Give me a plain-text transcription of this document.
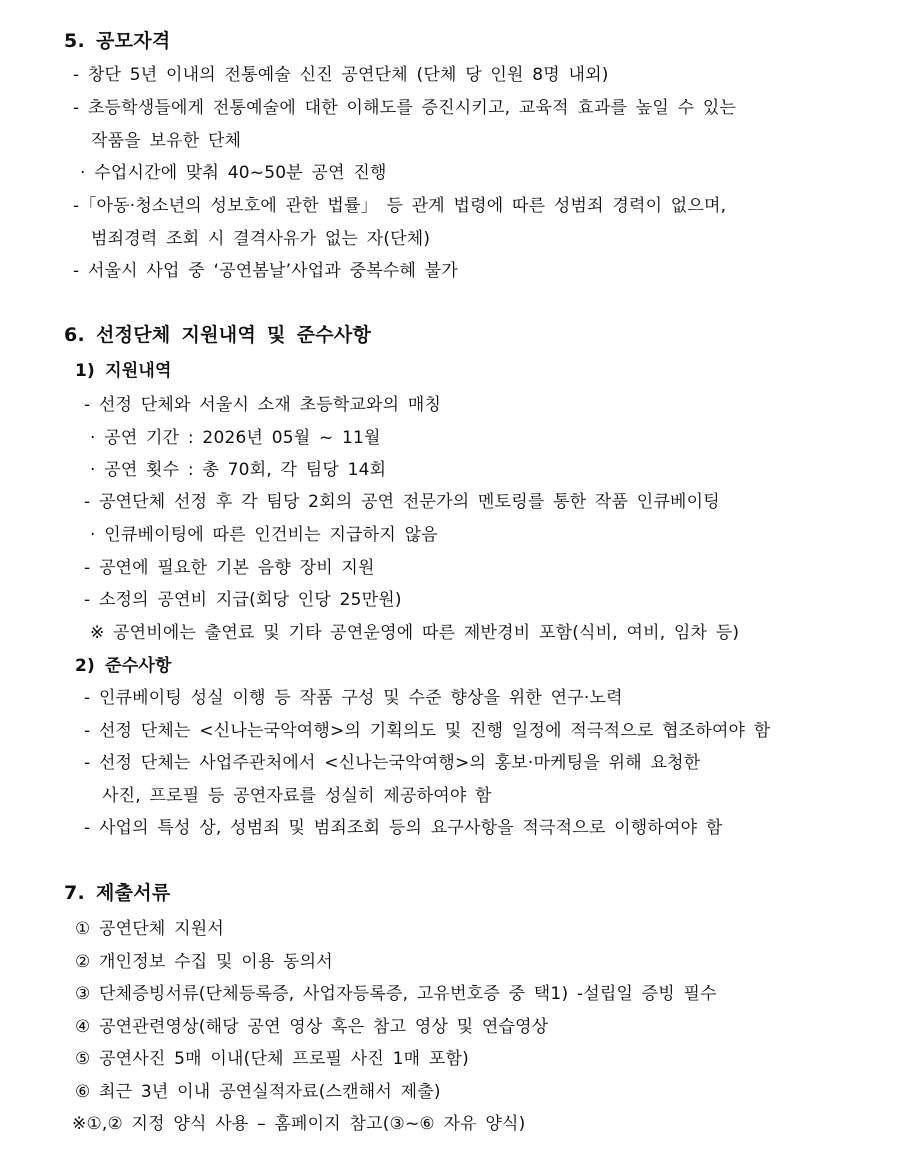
5. 공모자격
- 창단 5년 이내의 전통예술 신진 공연단체 (단체 당 인원 8명 내외)
- 초등학생들에게 전통예술에 대한 이해도를 증진시키고, 교육적 효과를 높일 수 있는
작품을 보유한 단체
· 수업시간에 맞춰 40~50분 공연 진행
-「아동·청소년의 성보호에 관한 법률」 등 관계 법령에 따른 성범죄 경력이 없으며,
범죄경력 조회 시 결격사유가 없는 자(단체)
- 서울시 사업 중 ‘공연봄날’사업과 중복수혜 불가
6. 선정단체 지원내역 및 준수사항
1) 지원내역
- 선정 단체와 서울시 소재 초등학교와의 매칭
· 공연 기간 : 2026년 05월 ~ 11월
· 공연 횟수 : 총 70회, 각 팀당 14회
- 공연단체 선정 후 각 팀당 2회의 공연 전문가의 멘토링를 통한 작품 인큐베이팅
· 인큐베이팅에 따른 인건비는 지급하지 않음
- 공연에 필요한 기본 음향 장비 지원
- 소정의 공연비 지급(회당 인당 25만원)
※ 공연비에는 출연료 및 기타 공연운영에 따른 제반경비 포함(식비, 여비, 임차 등)
2) 준수사항
- 인큐베이팅 성실 이행 등 작품 구성 및 수준 향상을 위한 연구·노력
- 선정 단체는 <신나는국악여행>의 기획의도 및 진행 일정에 적극적으로 협조하여야 함
- 선정 단체는 사업주관처에서 <신나는국악여행>의 홍보·마케팅을 위해 요청한
사진, 프로필 등 공연자료를 성실히 제공하여야 함
- 사업의 특성 상, 성범죄 및 범죄조회 등의 요구사항을 적극적으로 이행하여야 함
7. 제출서류
① 공연단체 지원서
② 개인정보 수집 및 이용 동의서
③ 단체증빙서류(단체등록증, 사업자등록증, 고유번호증 중 택1) -설립일 증빙 필수
④ 공연관련영상(해당 공연 영상 혹은 참고 영상 및 연습영상
⑤ 공연사진 5매 이내(단체 프로필 사진 1매 포함)
⑥ 최근 3년 이내 공연실적자료(스캔해서 제출)
※①,② 지정 양식 사용 – 홈페이지 참고(③~⑥ 자유 양식)
